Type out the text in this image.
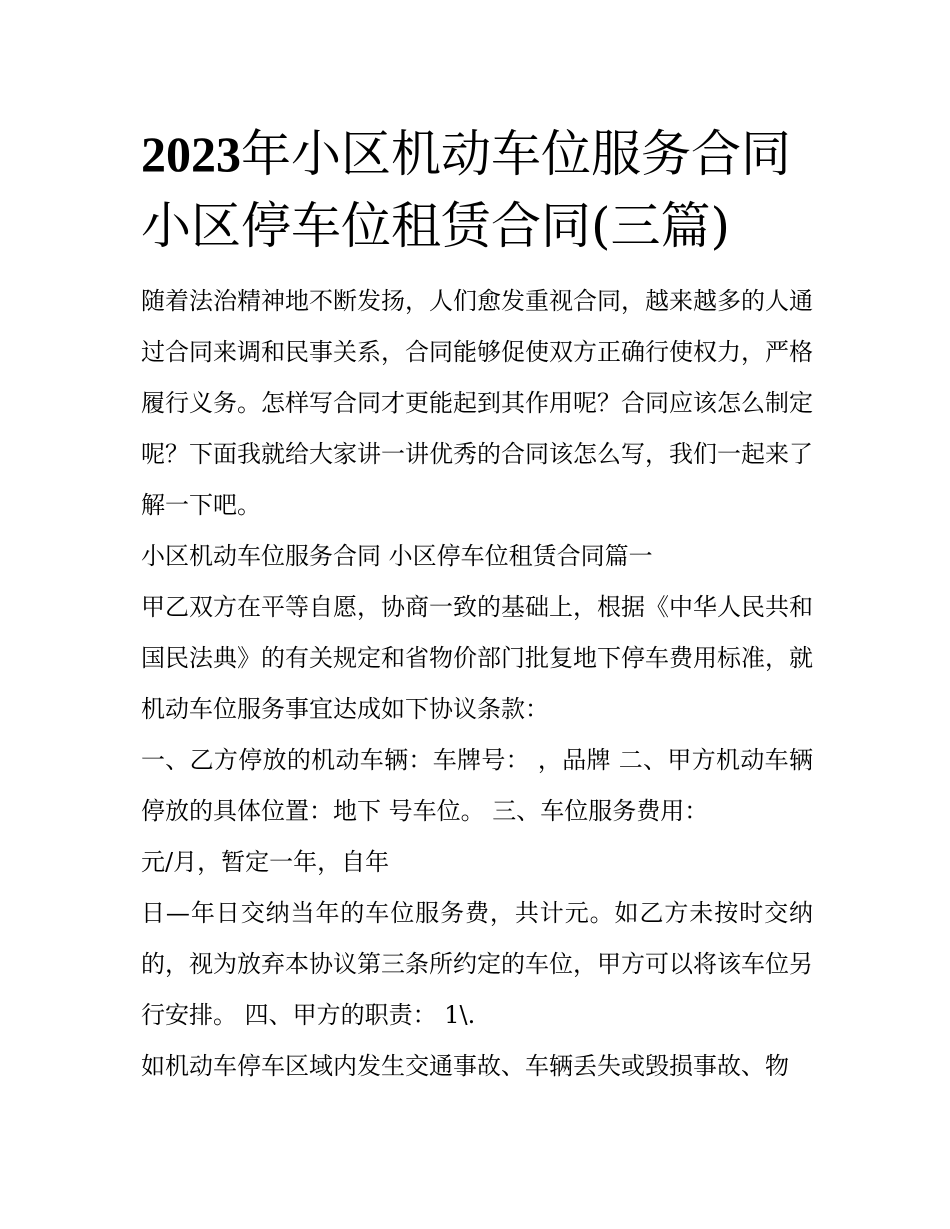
2023年小区机动车位服务合同
小区停车位租赁合同(三篇)

随着法治精神地不断发扬，人们愈发重视合同，越来越多的人通过合同来调和民事关系，合同能够促使双方正确行使权力，严格履行义务。怎样写合同才更能起到其作用呢？合同应该怎么制定呢？下面我就给大家讲一讲优秀的合同该怎么写，我们一起来了解一下吧。

小区机动车位服务合同 小区停车位租赁合同篇一

甲乙双方在平等自愿，协商一致的基础上，根据《中华人民共和国民法典》的有关规定和省物价部门批复地下停车费用标准，就机动车位服务事宜达成如下协议条款：

一、乙方停放的机动车辆：车牌号： ，品牌 二、甲方机动车辆停放的具体位置：地下 号车位。 三、车位服务费用：

元/月，暂定一年，自年

日—年日交纳当年的车位服务费，共计元。如乙方未按时交纳的，视为放弃本协议第三条所约定的车位，甲方可以将该车位另行安排。 四、甲方的职责： 1\.

如机动车停车区域内发生交通事故、车辆丢失或毁损事故、物
